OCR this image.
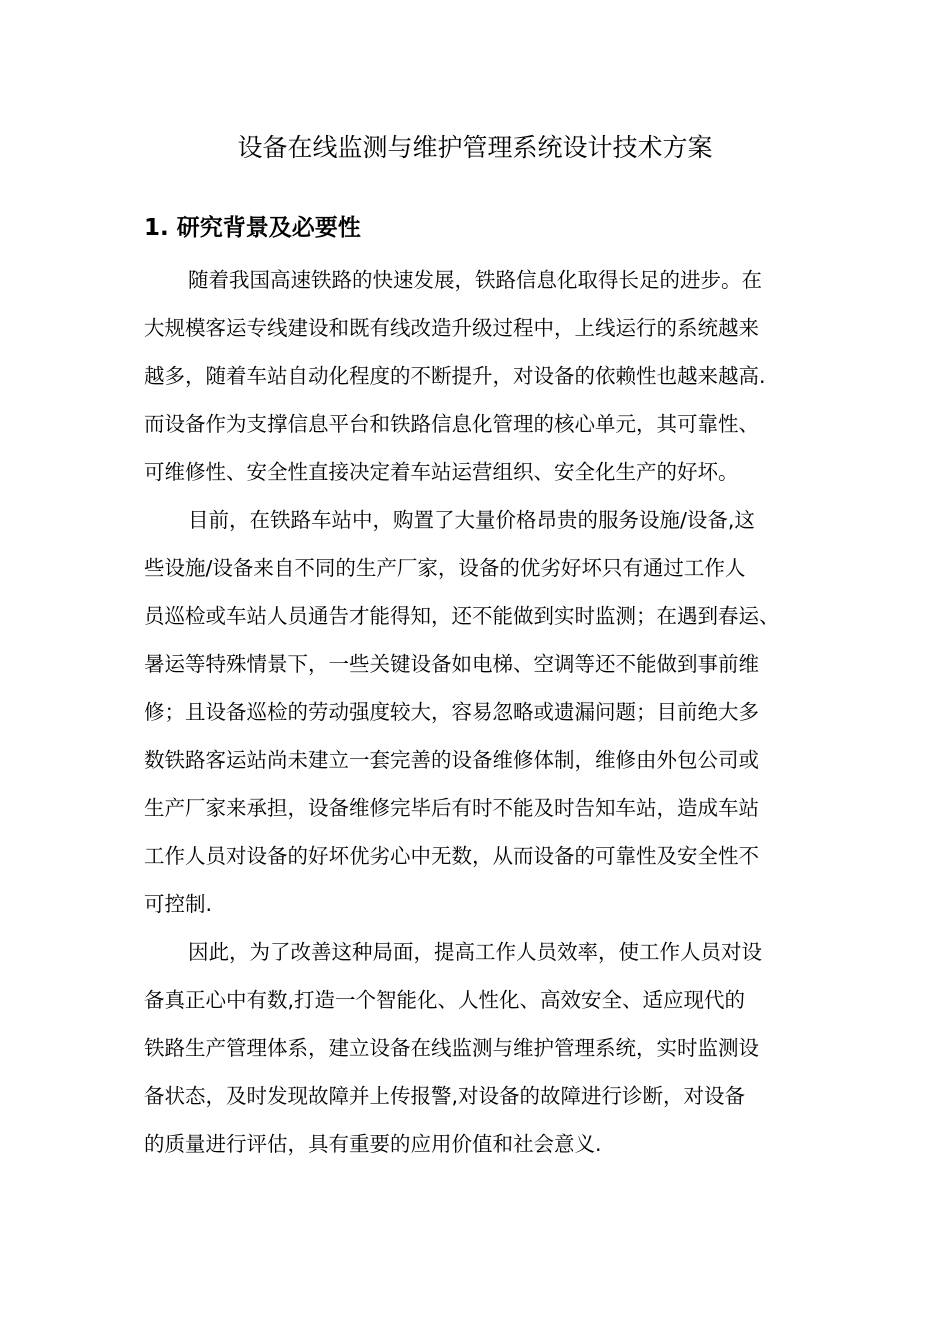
设备在线监测与维护管理系统设计技术方案
1. 研究背景及必要性

随着我国高速铁路的快速发展，铁路信息化取得长足的进步。在
大规模客运专线建设和既有线改造升级过程中，上线运行的系统越来
越多，随着车站自动化程度的不断提升，对设备的依赖性也越来越高.
而设备作为支撑信息平台和铁路信息化管理的核心单元，其可靠性、
可维修性、安全性直接决定着车站运营组织、安全化生产的好坏。

目前，在铁路车站中，购置了大量价格昂贵的服务设施/设备,这
些设施/设备来自不同的生产厂家，设备的优劣好坏只有通过工作人
员巡检或车站人员通告才能得知，还不能做到实时监测；在遇到春运、
暑运等特殊情景下，一些关键设备如电梯、空调等还不能做到事前维
修；且设备巡检的劳动强度较大，容易忽略或遗漏问题；目前绝大多
数铁路客运站尚未建立一套完善的设备维修体制，维修由外包公司或
生产厂家来承担，设备维修完毕后有时不能及时告知车站，造成车站
工作人员对设备的好坏优劣心中无数，从而设备的可靠性及安全性不
可控制.

因此，为了改善这种局面，提高工作人员效率，使工作人员对设
备真正心中有数,打造一个智能化、人性化、高效安全、适应现代的
铁路生产管理体系，建立设备在线监测与维护管理系统，实时监测设
备状态，及时发现故障并上传报警,对设备的故障进行诊断，对设备
的质量进行评估，具有重要的应用价值和社会意义.
